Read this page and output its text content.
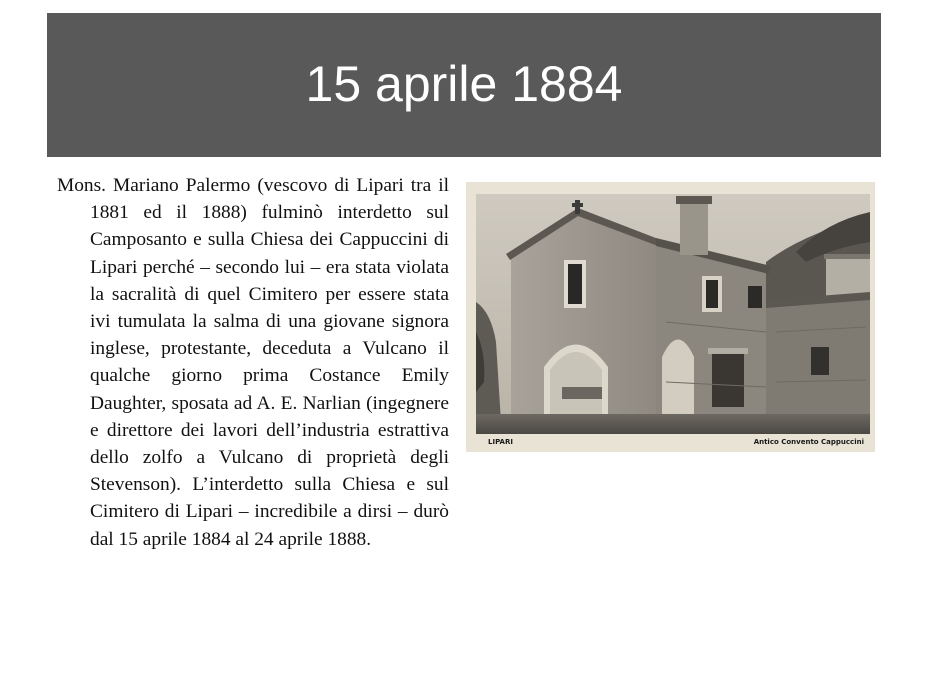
15 aprile 1884

Mons. Mariano Palermo (vescovo di Lipari tra il 1881 ed il 1888) fulminò interdetto sul Camposanto e sulla Chiesa dei Cappuccini di Lipari perché – secondo lui – era stata violata la sacralità di quel Cimitero per essere stata ivi tumulata la salma di una giovane signora inglese, protestante, deceduta a Vulcano il qualche giorno prima Costance Emily Daughter, sposata ad A. E. Narlian (ingegnere e direttore dei lavori dell’industria estrattiva dello zolfo a Vulcano di proprietà degli Stevenson). L’interdetto sulla Chiesa e sul Cimitero di Lipari – incredibile a dirsi – durò dal 15 aprile 1884 al 24 aprile 1888.

LIPARI	Antico Convento Cappuccini
